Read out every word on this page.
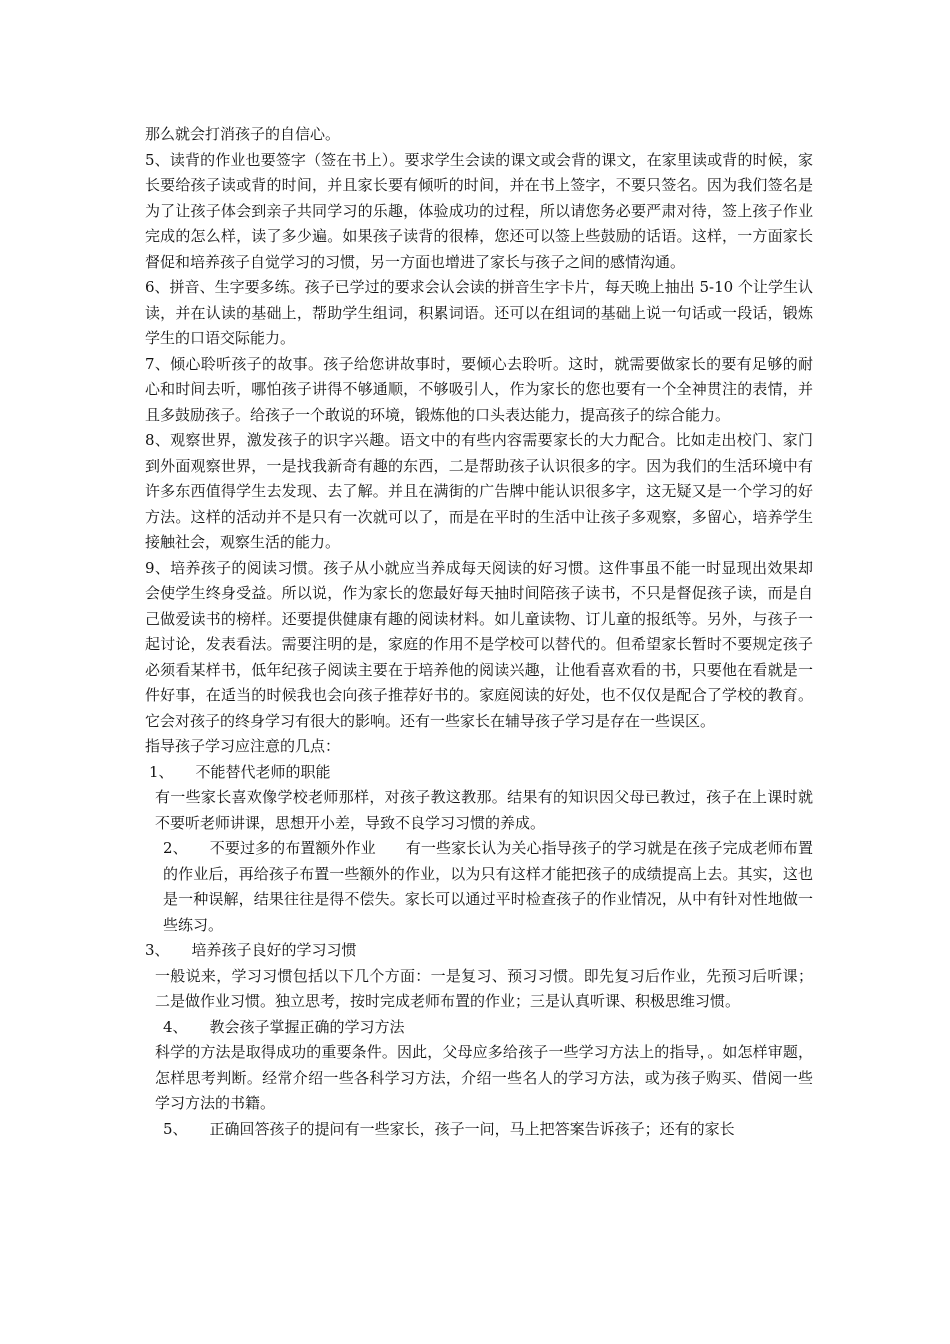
那么就会打消孩子的自信心。

5、读背的作业也要签字（签在书上）。要求学生会读的课文或会背的课文，在家里读或背的时候，家长要给孩子读或背的时间，并且家长要有倾听的时间，并在书上签字，不要只签名。因为我们签名是为了让孩子体会到亲子共同学习的乐趣，体验成功的过程，所以请您务必要严肃对待，签上孩子作业完成的怎么样，读了多少遍。如果孩子读背的很棒，您还可以签上些鼓励的话语。这样，一方面家长督促和培养孩子自觉学习的习惯，另一方面也增进了家长与孩子之间的感情沟通。

6、拼音、生字要多练。孩子已学过的要求会认会读的拼音生字卡片，每天晚上抽出 5-10 个让学生认读，并在认读的基础上，帮助学生组词，积累词语。还可以在组词的基础上说一句话或一段话，锻炼学生的口语交际能力。

7、倾心聆听孩子的故事。孩子给您讲故事时，要倾心去聆听。这时，就需要做家长的要有足够的耐心和时间去听，哪怕孩子讲得不够通顺，不够吸引人，作为家长的您也要有一个全神贯注的表情，并且多鼓励孩子。给孩子一个敢说的环境，锻炼他的口头表达能力，提高孩子的综合能力。

8、观察世界，激发孩子的识字兴趣。语文中的有些内容需要家长的大力配合。比如走出校门、家门到外面观察世界，一是找我新奇有趣的东西，二是帮助孩子认识很多的字。因为我们的生活环境中有许多东西值得学生去发现、去了解。并且在满街的广告牌中能认识很多字，这无疑又是一个学习的好方法。这样的活动并不是只有一次就可以了，而是在平时的生活中让孩子多观察，多留心，培养学生接触社会，观察生活的能力。

9、培养孩子的阅读习惯。孩子从小就应当养成每天阅读的好习惯。这件事虽不能一时显现出效果却会使学生终身受益。所以说，作为家长的您最好每天抽时间陪孩子读书，不只是督促孩子读，而是自己做爱读书的榜样。还要提供健康有趣的阅读材料。如儿童读物、订儿童的报纸等。另外，与孩子一起讨论，发表看法。需要注明的是，家庭的作用不是学校可以替代的。但希望家长暂时不要规定孩子必须看某样书，低年纪孩子阅读主要在于培养他的阅读兴趣，让他看喜欢看的书，只要他在看就是一件好事，在适当的时候我也会向孩子推荐好书的。家庭阅读的好处，也不仅仅是配合了学校的教育。它会对孩子的终身学习有很大的影响。还有一些家长在辅导孩子学习是存在一些误区。

指导孩子学习应注意的几点：

1、 不能替代老师的职能

有一些家长喜欢像学校老师那样，对孩子教这教那。结果有的知识因父母已教过，孩子在上课时就不要听老师讲课，思想开小差，导致不良学习习惯的养成。

2、 不要过多的布置额外作业 有一些家长认为关心指导孩子的学习就是在孩子完成老师布置的作业后，再给孩子布置一些额外的作业，以为只有这样才能把孩子的成绩提高上去。其实，这也是一种误解，结果往往是得不偿失。家长可以通过平时检查孩子的作业情况，从中有针对性地做一些练习。

3、 培养孩子良好的学习习惯

一般说来，学习习惯包括以下几个方面：一是复习、预习习惯。即先复习后作业，先预习后听课；二是做作业习惯。独立思考，按时完成老师布置的作业；三是认真听课、积极思维习惯。

4、 教会孩子掌握正确的学习方法

科学的方法是取得成功的重要条件。因此，父母应多给孩子一些学习方法上的指导，。如怎样审题，怎样思考判断。经常介绍一些各科学习方法，介绍一些名人的学习方法，或为孩子购买、借阅一些学习方法的书籍。

5、 正确回答孩子的提问有一些家长，孩子一问，马上把答案告诉孩子；还有的家长
